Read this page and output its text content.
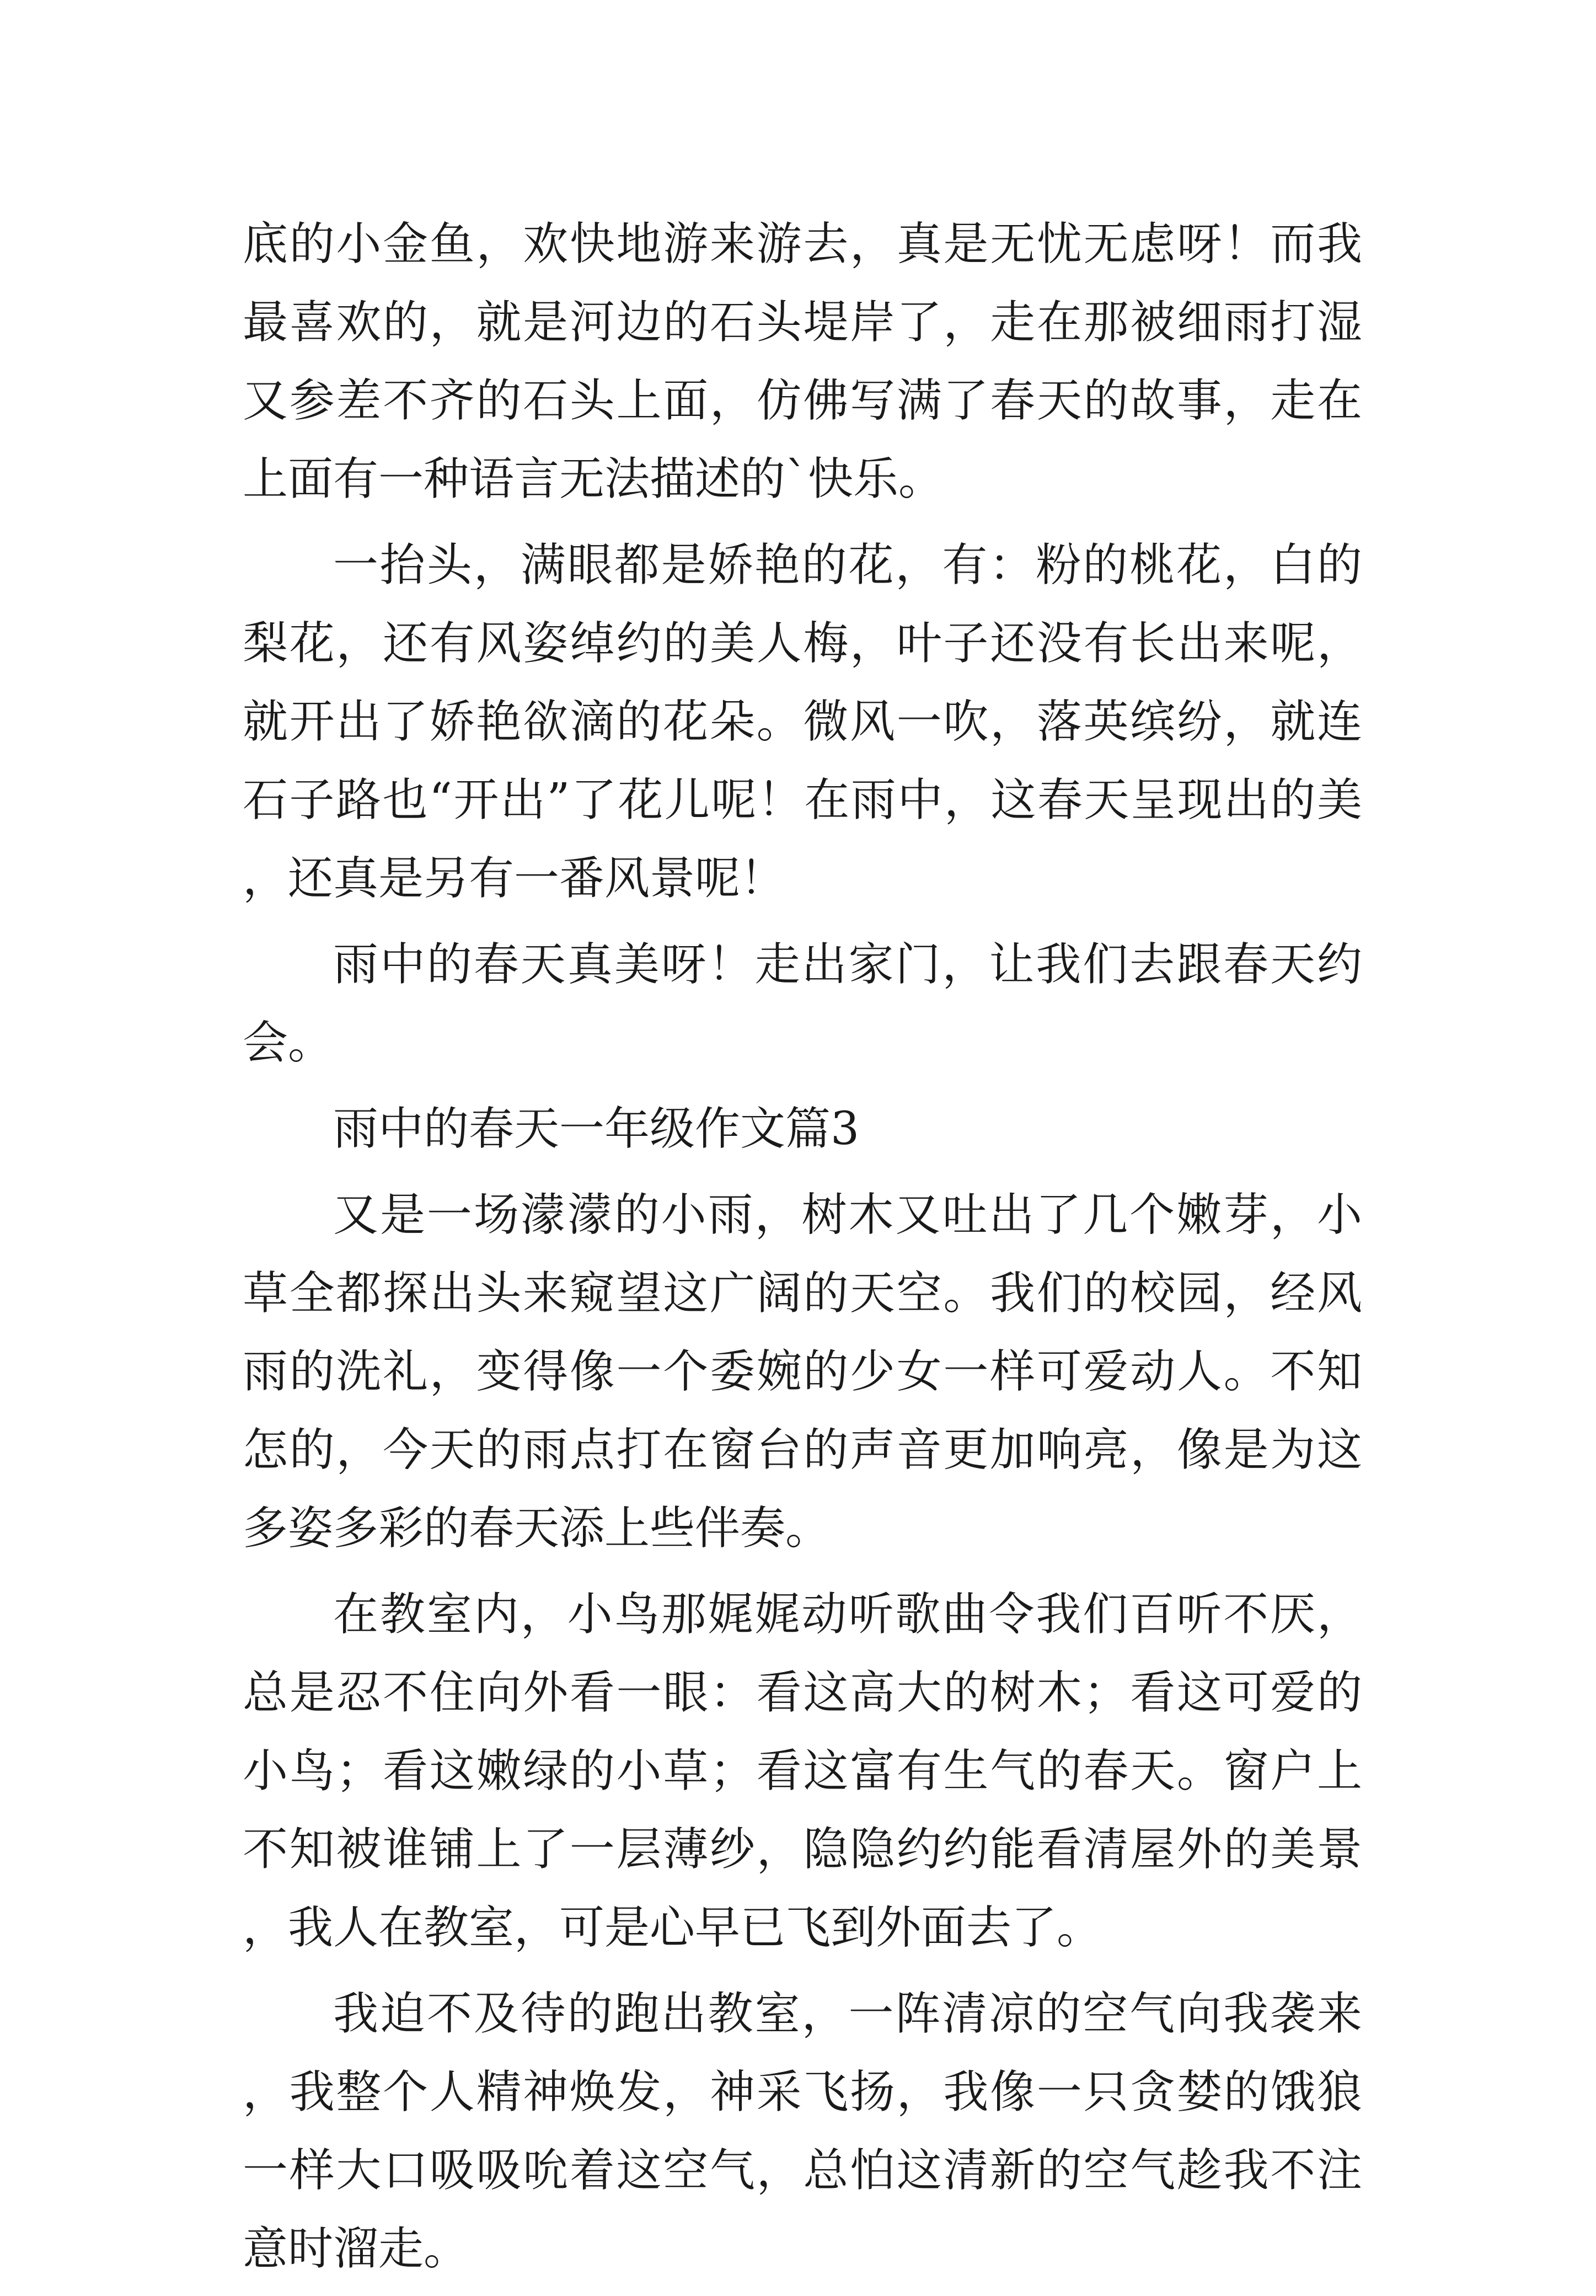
底的小金鱼，欢快地游来游去，真是无忧无虑呀！而我最喜欢的，就是河边的石头堤岸了，走在那被细雨打湿又参差不齐的石头上面，仿佛写满了春天的故事，走在上面有一种语言无法描述的`快乐。

一抬头，满眼都是娇艳的花，有：粉的桃花，白的梨花，还有风姿绰约的美人梅，叶子还没有长出来呢，就开出了娇艳欲滴的花朵。微风一吹，落英缤纷，就连石子路也“开出”了花儿呢！在雨中，这春天呈现出的美，还真是另有一番风景呢！

雨中的春天真美呀！走出家门，让我们去跟春天约会。

雨中的春天一年级作文篇3

又是一场濛濛的小雨，树木又吐出了几个嫩芽，小草全都探出头来窥望这广阔的天空。我们的校园，经风雨的洗礼，变得像一个委婉的少女一样可爱动人。不知怎的，今天的雨点打在窗台的声音更加响亮，像是为这多姿多彩的春天添上些伴奏。

在教室内，小鸟那娓娓动听歌曲令我们百听不厌，总是忍不住向外看一眼：看这高大的树木；看这可爱的小鸟；看这嫩绿的小草；看这富有生气的春天。窗户上不知被谁铺上了一层薄纱，隐隐约约能看清屋外的美景，我人在教室，可是心早已飞到外面去了。

我迫不及待的跑出教室，一阵清凉的空气向我袭来，我整个人精神焕发，神采飞扬，我像一只贪婪的饿狼一样大口吸吸吮着这空气，总怕这清新的空气趁我不注意时溜走。
